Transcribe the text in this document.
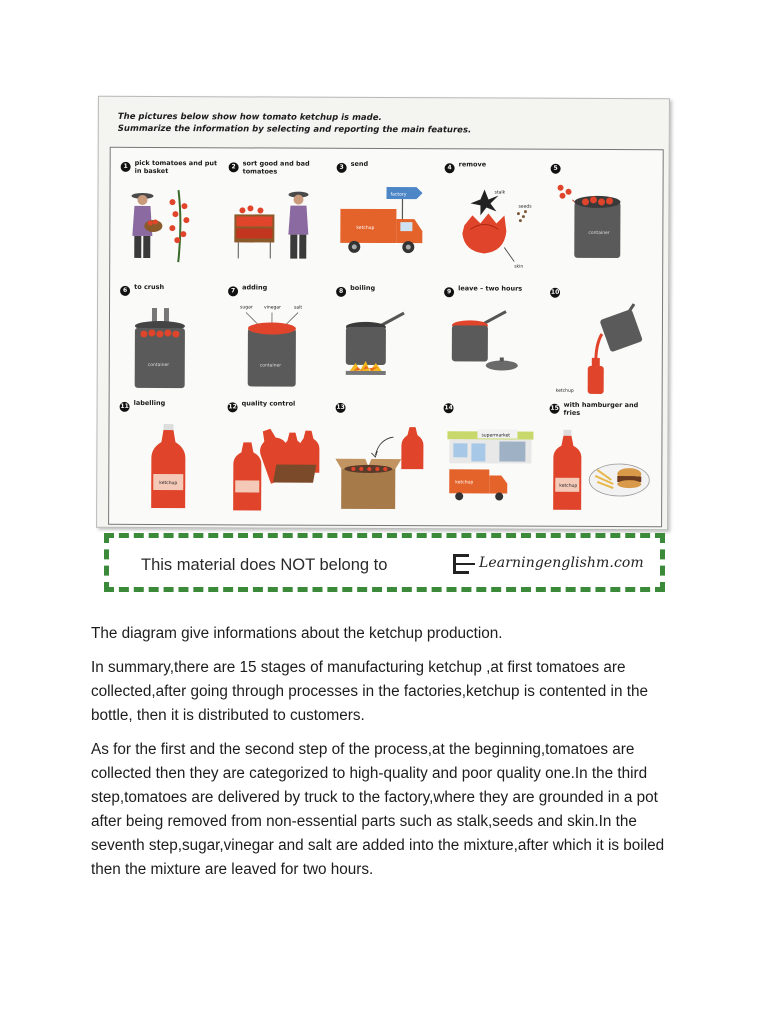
The pictures below show how tomato ketchup is made.
Summarize the information by selecting and reporting the main features.
1	pick tomatoes and put in basket	2	sort good and bad tomatoes	3	send
factory
ketchup
4	remove
stalk
seeds
skin
5
container
6	to crush
container
7	adding
sugar	vinegar	salt
container
8	boiling	9	leave – two hours	10
ketchup
11 labelling
ketchup
12 quality control	13	14
supermarket
ketchup
15 with hamburger and fries
ketchup
This material does NOT belong to	Learningenglishm.com

The diagram give informations about the ketchup production.

In summary,there are 15 stages of manufacturing ketchup ,at first tomatoes are collected,after going through processes in the factories,ketchup is contented in the bottle, then it is distributed to customers.

As for the first and the second step of the process,at the beginning,tomatoes are collected then they are categorized to high-quality and poor quality one.In the third step,tomatoes are delivered by truck to the factory,where they are grounded in a pot after being removed from non-essential parts such as stalk,seeds and skin.In the seventh step,sugar,vinegar and salt are added into the mixture,after which it is boiled then the mixture are leaved for two hours.
